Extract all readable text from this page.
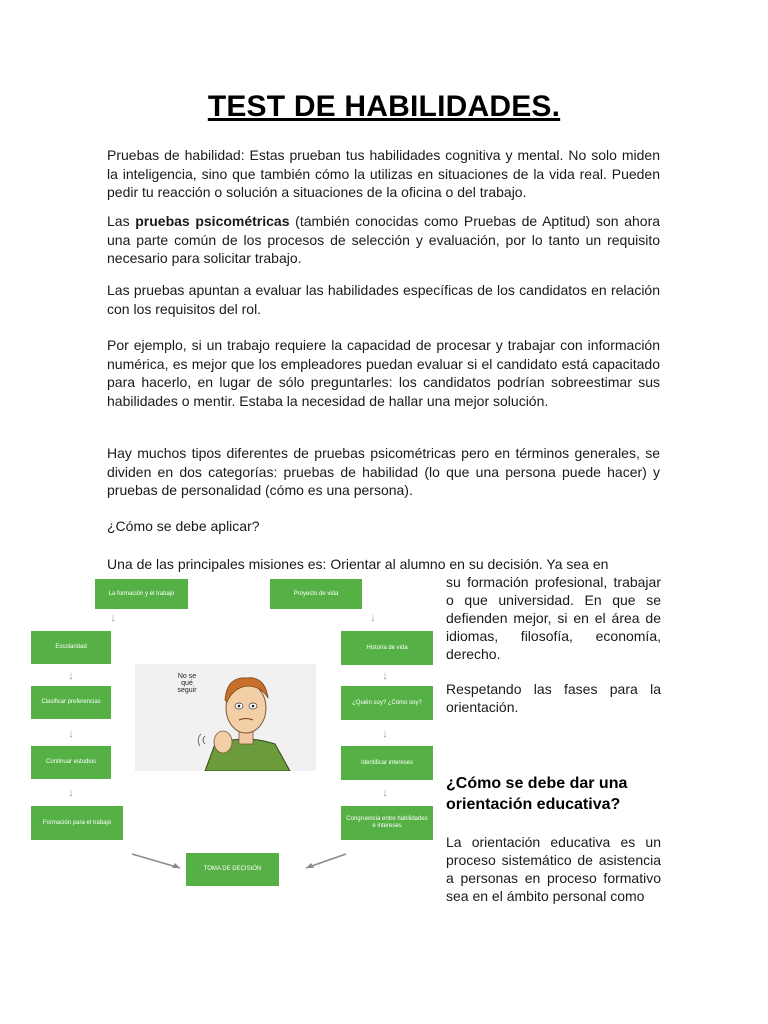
TEST DE HABILIDADES.

Pruebas de habilidad: Estas prueban tus habilidades cognitiva y mental. No solo miden la inteligencia, sino que también cómo la utilizas en situaciones de la vida real. Pueden pedir tu reacción o solución a situaciones de la oficina o del trabajo.

Las pruebas psicométricas (también conocidas como Pruebas de Aptitud) son ahora una parte común de los procesos de selección y evaluación, por lo tanto un requisito necesario para solicitar trabajo.

Las pruebas apuntan a evaluar las habilidades específicas de los candidatos en relación con los requisitos del rol.

Por ejemplo, si un trabajo requiere la capacidad de procesar y trabajar con información numérica, es mejor que los empleadores puedan evaluar si el candidato está capacitado para hacerlo, en lugar de sólo preguntarles: los candidatos podrían sobreestimar sus habilidades o mentir. Estaba la necesidad de hallar una mejor solución.

Hay muchos tipos diferentes de pruebas psicométricas pero en términos generales, se dividen en dos categorías: pruebas de habilidad (lo que una persona puede hacer) y pruebas de personalidad (cómo es una persona).

¿Cómo se debe aplicar?

Una de las principales misiones es: Orientar al alumno en su decisión. Ya sea en

su formación profesional, trabajar o que universidad. En que se defienden mejor, si en el área de idiomas, filosofía, economía, derecho.

Respetando las fases para la orientación.

¿Cómo se debe dar una orientación educativa?

La orientación educativa es un proceso sistemático de asistencia a personas en proceso formativo sea en el ámbito personal como

La formación y el trabajo
↓
Escolaridad
↓
Clasificar preferencias
↓
Continuar estudios
↓
Formación para el trabajo
Proyecto de vida
↓
Historia de vida
↓
¿Quién soy? ¿Cómo soy?
↓
Identificar intereses
↓
Congruencia entre habilidades e intereses
TOMA DE DECISIÓN
No se qué seguir
